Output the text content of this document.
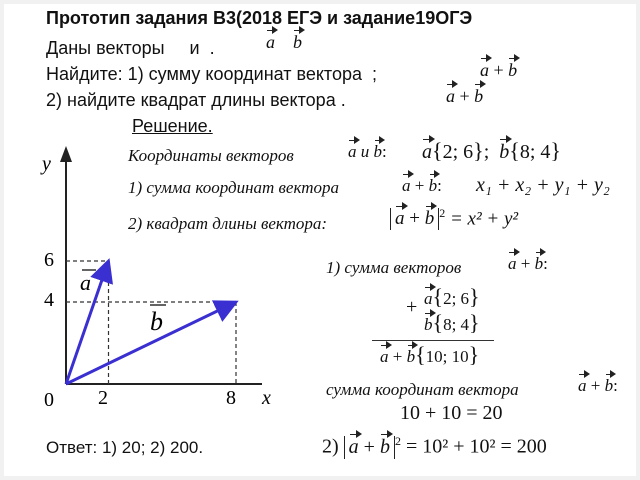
Прототип задания В3(2018 ЕГЭ и задание19ОГЭ
Даны векторы и .	a b
Найдите: 1) сумму координат вектора ;	a + b
2) найдите квадрат длины вектора .	a + b
Решение.
Координаты векторов	a и b: a{2; 6}; b{8; 4}
1) сумма координат вектора	a + b: x₁ + x₂ + y₁ + y₂
2) квадрат длины вектора:	a + b $^2$ = x² + y²
1) сумма векторов	a + b:
+ a{2; 6}
b{8; 4}
a + b{10; 10}
сумма координат вектора	a + b:
10 + 10 = 20
2) a + b $^2$ = 10² + 10² = 200
Ответ: 1) 20; 2) 200.
y
x
0 2	8
6
4
a
b
